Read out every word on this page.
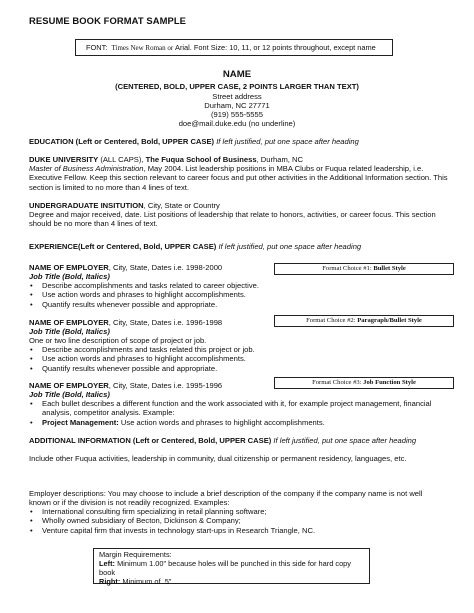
RESUME BOOK FORMAT SAMPLE
FONT: Times New Roman or Arial. Font Size: 10, 11, or 12 points throughout, except name
NAME
(CENTERED, BOLD, UPPER CASE, 2 POINTS LARGER THAN TEXT)
Street address
Durham, NC 27771
(919) 555-5555
doe@mail.duke.edu (no underline)
EDUCATION (Left or Centered, Bold, UPPER CASE) If left justified, put one space after heading
DUKE UNIVERSITY (ALL CAPS), The Fuqua School of Business, Durham, NC
Master of Business Administration, May 2004. List leadership positions in MBA Clubs or Fuqua related leadership, i.e. Executive Fellow. Keep this section relevant to career focus and put other activities in the Additional Information section. This section is limited to no more than 4 lines of text.
UNDERGRADUATE INSITUTION, City, State or Country
Degree and major received, date. List positions of leadership that relate to honors, activities, or career focus. This section should be no more than 4 lines of text.
EXPERIENCE(Left or Centered, Bold, UPPER CASE) If left justified, put one space after heading
NAME OF EMPLOYER, City, State, Dates i.e. 1998-2000	Format Choice #1: Bullet Style
Job Title (Bold, Italics)
• Describe accomplishments and tasks related to career objective.
• Use action words and phrases to highlight accomplishments.
• Quantify results whenever possible and appropriate.
NAME OF EMPLOYER, City, State, Dates i.e. 1996-1998	Format Choice #2: Paragraph/Bullet Style
Job Title (Bold, Italics)
One or two line description of scope of project or job.
• Describe accomplishments and tasks related this project or job.
• Use action words and phrases to highlight accomplishments.
• Quantify results whenever possible and appropriate.
NAME OF EMPLOYER, City, State, Dates i.e. 1995-1996	Format Choice #3: Job Function Style
Job Title (Bold, Italics)
• Each bullet describes a different function and the work associated with it, for example project management, financial analysis, competitor analysis. Example:
• Project Management: Use action words and phrases to highlight accomplishments.
ADDITIONAL INFORMATION (Left or Centered, Bold, UPPER CASE) If left justified, put one space after heading
Include other Fuqua activities, leadership in community, dual citizenship or permanent residency, languages, etc.
Employer descriptions: You may choose to include a brief description of the company if the company name is not well known or if the division is not readily recognized. Examples:
• International consulting firm specializing in retail planning software;
• Wholly owned subsidiary of Becton, Dickinson & Company;
• Venture capital firm that invests in technology start-ups in Research Triangle, NC.
Margin Requirements:
Left: Minimum 1.00" because holes will be punched in this side for hard copy book
Right: Minimum of .5"
